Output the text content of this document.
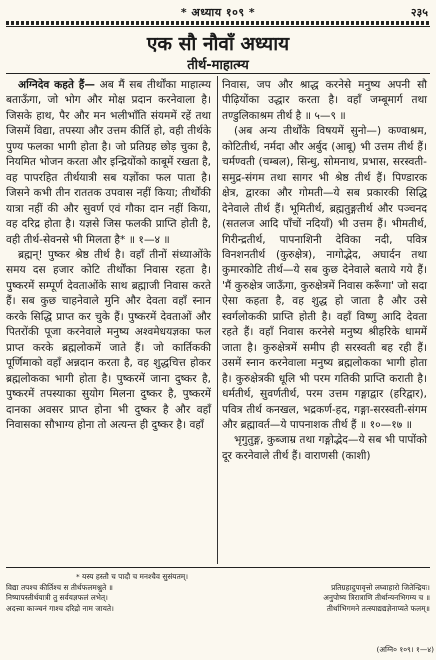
* अध्याय १०९ *	२३५
एक सौ नौवाँ अध्याय
तीर्थ-माहात्म्य

अग्निदेव कहते हैं— अब मैं सब तीर्थोंका माहात्म्य बताऊँगा, जो भोग और मोक्ष प्रदान करनेवाला है। जिसके हाथ, पैर और मन भलीभाँति संयममें रहें तथा जिसमें विद्या, तपस्या और उत्तम कीर्ति हो, वही तीर्थके पुण्य फलका भागी होता है। जो प्रतिग्रह छोड़ चुका है, नियमित भोजन करता और इन्द्रियोंको काबूमें रखता है, वह पापरहित तीर्थयात्री सब यज्ञोंका फल पाता है। जिसने कभी तीन राततक उपवास नहीं किया; तीर्थोंकी यात्रा नहीं की और सुवर्ण एवं गौका दान नहीं किया, वह दरिद्र होता है। यज्ञसे जिस फलकी प्राप्ति होती है, वही तीर्थ-सेवनसे भी मिलता है* ॥ १—४ ॥

ब्रह्मन्! पुष्कर श्रेष्ठ तीर्थ है। वहाँ तीनों संध्याओंके समय दस हजार कोटि तीर्थोंका निवास रहता है। पुष्करमें सम्पूर्ण देवताओंके साथ ब्रह्माजी निवास करते हैं। सब कुछ चाहनेवाले मुनि और देवता वहाँ स्नान करके सिद्धि प्राप्त कर चुके हैं। पुष्करमें देवताओं और पितरोंकी पूजा करनेवाले मनुष्य अश्वमेधयज्ञका फल प्राप्त करके ब्रह्मलोकमें जाते हैं। जो कार्तिककी पूर्णिमाको वहाँ अन्नदान करता है, वह शुद्धचित्त होकर ब्रह्मलोकका भागी होता है। पुष्करमें जाना दुष्कर है, पुष्करमें तपस्याका सुयोग मिलना दुष्कर है, पुष्करमें दानका अवसर प्राप्त होना भी दुष्कर है और वहाँ निवासका सौभाग्य होना तो अत्यन्त ही दुष्कर है। वहाँ

निवास, जप और श्राद्ध करनेसे मनुष्य अपनी सौ पीढ़ियोंका उद्धार करता है। वहाँ जम्बूमार्ग तथा तण्डुलिकाश्रम तीर्थ है ॥ ५—९ ॥

(अब अन्य तीर्थोंके विषयमें सुनो—) कण्वाश्रम, कोटितीर्थ, नर्मदा और अर्बुद (आबू) भी उत्तम तीर्थ हैं। चर्मण्वती (चम्बल), सिन्धु, सोमनाथ, प्रभास, सरस्वती-समुद्र-संगम तथा सागर भी श्रेष्ठ तीर्थ हैं। पिण्डारक क्षेत्र, द्वारका और गोमती—ये सब प्रकारकी सिद्धि देनेवाले तीर्थ हैं। भूमितीर्थ, ब्रह्मतुङ्गतीर्थ और पञ्चनद (सतलज आदि पाँचों नदियाँ) भी उत्तम हैं। भीमतीर्थ, गिरीन्द्रतीर्थ, पापनाशिनी देविका नदी, पवित्र विनशनतीर्थ (कुरुक्षेत्र), नागोद्भेद, अघार्दन तथा कुमारकोटि तीर्थ—ये सब कुछ देनेवाले बताये गये हैं। 'मैं कुरुक्षेत्र जाऊँगा, कुरुक्षेत्रमें निवास करूँगा' जो सदा ऐसा कहता है, वह शुद्ध हो जाता है और उसे स्वर्गलोककी प्राप्ति होती है। वहाँ विष्णु आदि देवता रहते हैं। वहाँ निवास करनेसे मनुष्य श्रीहरिके धाममें जाता है। कुरुक्षेत्रमें समीप ही सरस्वती बह रही हैं। उसमें स्नान करनेवाला मनुष्य ब्रह्मलोकका भागी होता है। कुरुक्षेत्रकी धूलि भी परम गतिकी प्राप्ति कराती है। धर्मतीर्थ, सुवर्णतीर्थ, परम उत्तम गङ्गाद्वार (हरिद्वार), पवित्र तीर्थ कनखल, भद्रकर्ण-हद, गङ्गा-सरस्वती-संगम और ब्रह्मावर्त—ये पापनाशक तीर्थ हैं ॥ १०—१७ ॥

भृगुतुङ्ग, कुब्जाम्र तथा गङ्गोद्भेद—ये सब भी पापोंको दूर करनेवाले तीर्थ हैं। वाराणसी (काशी)

* यस्य हस्तौ च पादौ च मनश्चैव सुसंयतम्।
विद्या तपश्च कीर्तिश्च स तीर्थफलमश्नुते ॥	प्रतिग्रहादुपावृत्तो लघ्वाहारो जितेन्द्रियः।
निष्पापस्तीर्थयात्री तु सर्वयज्ञफलं लभेत्।	अनुपोष्य त्रिरात्राणि तीर्थान्यनभिगम्य च ॥
अदत्त्वा काञ्चनं गाश्च दरिद्रो नाम जायते।	तीर्थाभिगमने तत्स्याद्यद्यज्ञेनाप्यते फलम्॥
(अग्नि० १०९। १—४)
